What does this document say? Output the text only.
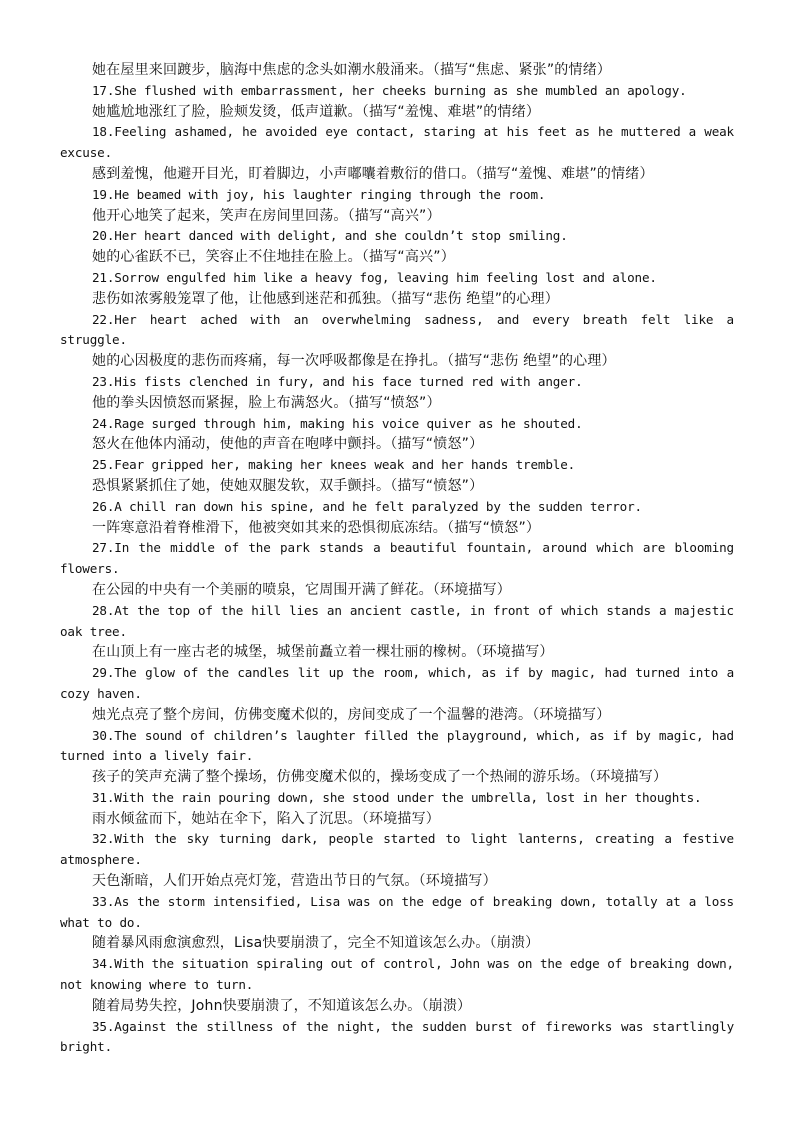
她在屋里来回踱步，脑海中焦虑的念头如潮水般涌来。（描写“焦虑、紧张”的情绪）

17.She flushed with embarrassment, her cheeks burning as she mumbled an apology.

她尴尬地涨红了脸，脸颊发烫，低声道歉。（描写“羞愧、难堪”的情绪）

18.Feeling ashamed, he avoided eye contact, staring at his feet as he muttered a weak excuse.

感到羞愧，他避开目光，盯着脚边，小声嘟囔着敷衍的借口。（描写“羞愧、难堪”的情绪）

19.He beamed with joy, his laughter ringing through the room.

他开心地笑了起来，笑声在房间里回荡。（描写“高兴”）

20.Her heart danced with delight, and she couldn’t stop smiling.

她的心雀跃不已，笑容止不住地挂在脸上。（描写“高兴”）

21.Sorrow engulfed him like a heavy fog, leaving him feeling lost and alone.

悲伤如浓雾般笼罩了他，让他感到迷茫和孤独。（描写“悲伤 绝望”的心理）

22.Her heart ached with an overwhelming sadness, and every breath felt like a struggle.

她的心因极度的悲伤而疼痛，每一次呼吸都像是在挣扎。（描写“悲伤 绝望”的心理）

23.His fists clenched in fury, and his face turned red with anger.

他的拳头因愤怒而紧握，脸上布满怒火。（描写“愤怒”）

24.Rage surged through him, making his voice quiver as he shouted.

怒火在他体内涌动，使他的声音在咆哮中颤抖。（描写“愤怒”）

25.Fear gripped her, making her knees weak and her hands tremble.

恐惧紧紧抓住了她，使她双腿发软，双手颤抖。（描写“愤怒”）

26.A chill ran down his spine, and he felt paralyzed by the sudden terror.

一阵寒意沿着脊椎滑下，他被突如其来的恐惧彻底冻结。（描写“愤怒”）

27.In the middle of the park stands a beautiful fountain, around which are blooming flowers.

在公园的中央有一个美丽的喷泉，它周围开满了鲜花。（环境描写）

28.At the top of the hill lies an ancient castle, in front of which stands a majestic oak tree.

在山顶上有一座古老的城堡，城堡前矗立着一棵壮丽的橡树。（环境描写）

29.The glow of the candles lit up the room, which, as if by magic, had turned into a cozy haven.

烛光点亮了整个房间，仿佛变魔术似的，房间变成了一个温馨的港湾。（环境描写）

30.The sound of children’s laughter filled the playground, which, as if by magic, had turned into a lively fair.

孩子的笑声充满了整个操场，仿佛变魔术似的，操场变成了一个热闹的游乐场。（环境描写）

31.With the rain pouring down, she stood under the umbrella, lost in her thoughts.

雨水倾盆而下，她站在伞下，陷入了沉思。（环境描写）

32.With the sky turning dark, people started to light lanterns, creating a festive atmosphere.

天色渐暗，人们开始点亮灯笼，营造出节日的气氛。（环境描写）

33.As the storm intensified, Lisa was on the edge of breaking down, totally at a loss what to do.

随着暴风雨愈演愈烈，Lisa快要崩溃了，完全不知道该怎么办。（崩溃）

34.With the situation spiraling out of control, John was on the edge of breaking down, not knowing where to turn.

随着局势失控，John快要崩溃了，不知道该怎么办。（崩溃）

35.Against the stillness of the night, the sudden burst of fireworks was startlingly bright.
